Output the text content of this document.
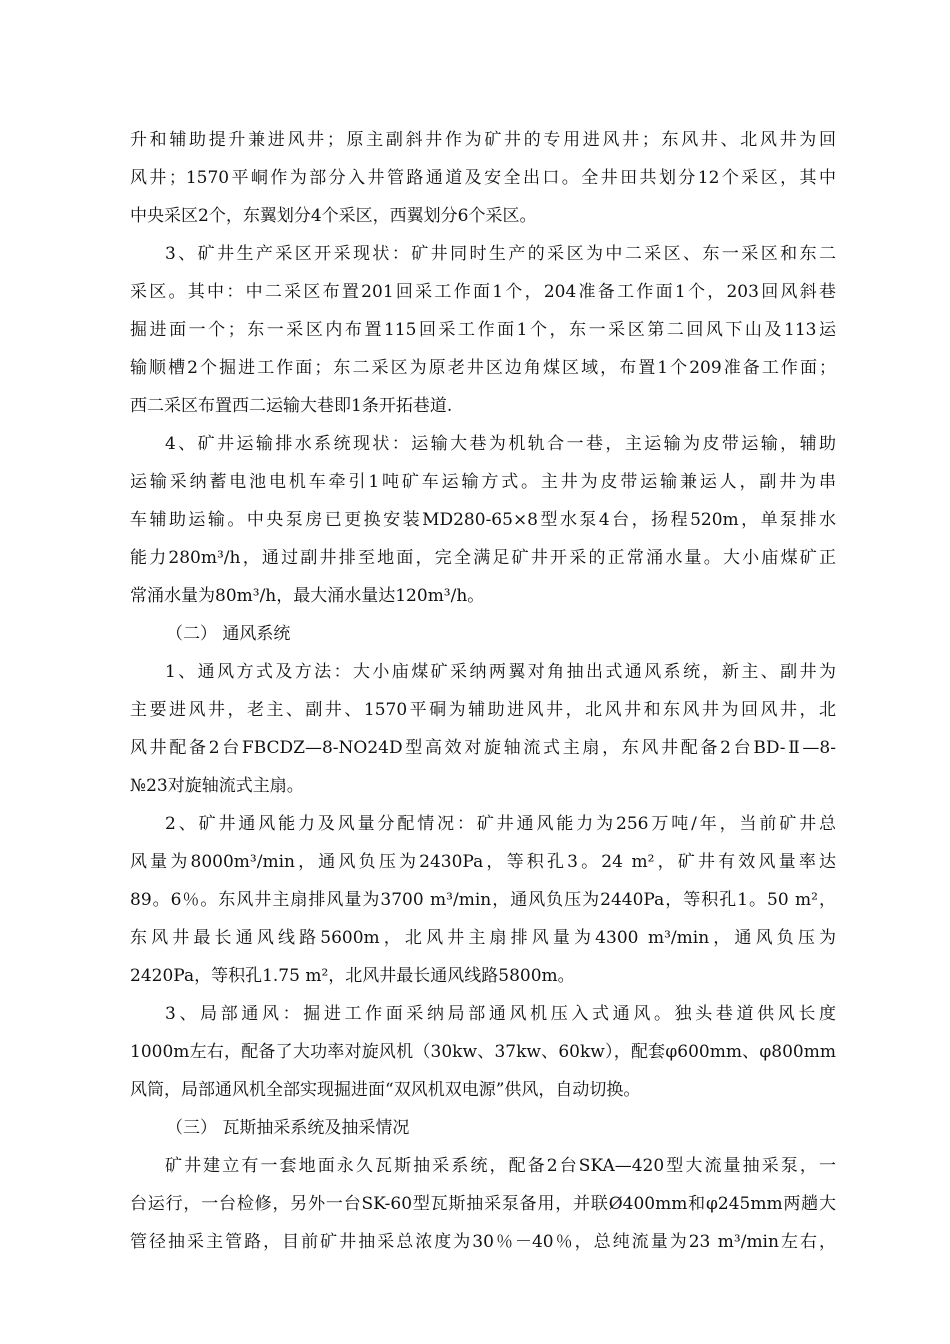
升和辅助提升兼进风井；原主副斜井作为矿井的专用进风井；东风井、北风井为回
风井；1570平峒作为部分入井管路通道及安全出口。全井田共划分12个采区，其中
中央采区2个，东翼划分4个采区，西翼划分6个采区。
3、矿井生产采区开采现状：矿井同时生产的采区为中二采区、东一采区和东二
采区。其中：中二采区布置201回采工作面1个，204准备工作面1个，203回风斜巷
掘进面一个；东一采区内布置115回采工作面1个，东一采区第二回风下山及113运
输顺槽2个掘进工作面；东二采区为原老井区边角煤区域，布置1个209准备工作面；
西二采区布置西二运输大巷即1条开拓巷道.
4、矿井运输排水系统现状：运输大巷为机轨合一巷，主运输为皮带运输，辅助
运输采纳蓄电池电机车牵引1吨矿车运输方式。主井为皮带运输兼运人，副井为串
车辅助运输。中央泵房已更换安装MD280-65×8型水泵4台，扬程520m，单泵排水
能力280m³/h，通过副井排至地面，完全满足矿井开采的正常涌水量。大小庙煤矿正
常涌水量为80m³/h，最大涌水量达120m³/h。
（二） 通风系统
1、通风方式及方法：大小庙煤矿采纳两翼对角抽出式通风系统，新主、副井为
主要进风井，老主、副井、1570平硐为辅助进风井，北风井和东风井为回风井，北
风井配备2台FBCDZ—8-NO24D型高效对旋轴流式主扇，东风井配备2台BD-Ⅱ—8-
№23对旋轴流式主扇。
2、矿井通风能力及风量分配情况：矿井通风能力为256万吨/年，当前矿井总
风量为8000m³/min，通风负压为2430Pa，等积孔3。24 m²，矿井有效风量率达
89。6％。东风井主扇排风量为3700 m³/min，通风负压为2440Pa，等积孔1。50 m²，
东风井最长通风线路5600m，北风井主扇排风量为4300 m³/min，通风负压为
2420Pa，等积孔1.75 m²，北风井最长通风线路5800m。
3、局部通风：掘进工作面采纳局部通风机压入式通风。独头巷道供风长度
1000m左右，配备了大功率对旋风机（30kw、37kw、60kw），配套φ600mm、φ800mm
风筒，局部通风机全部实现掘进面“双风机双电源”供风，自动切换。
（三） 瓦斯抽采系统及抽采情况
矿井建立有一套地面永久瓦斯抽采系统，配备2台SKA—420型大流量抽采泵，一
台运行，一台检修，另外一台SK-60型瓦斯抽采泵备用，并联Ø400mm和φ245mm两趟大
管径抽采主管路，目前矿井抽采总浓度为30％－40％，总纯流量为23 m³/min左右，
